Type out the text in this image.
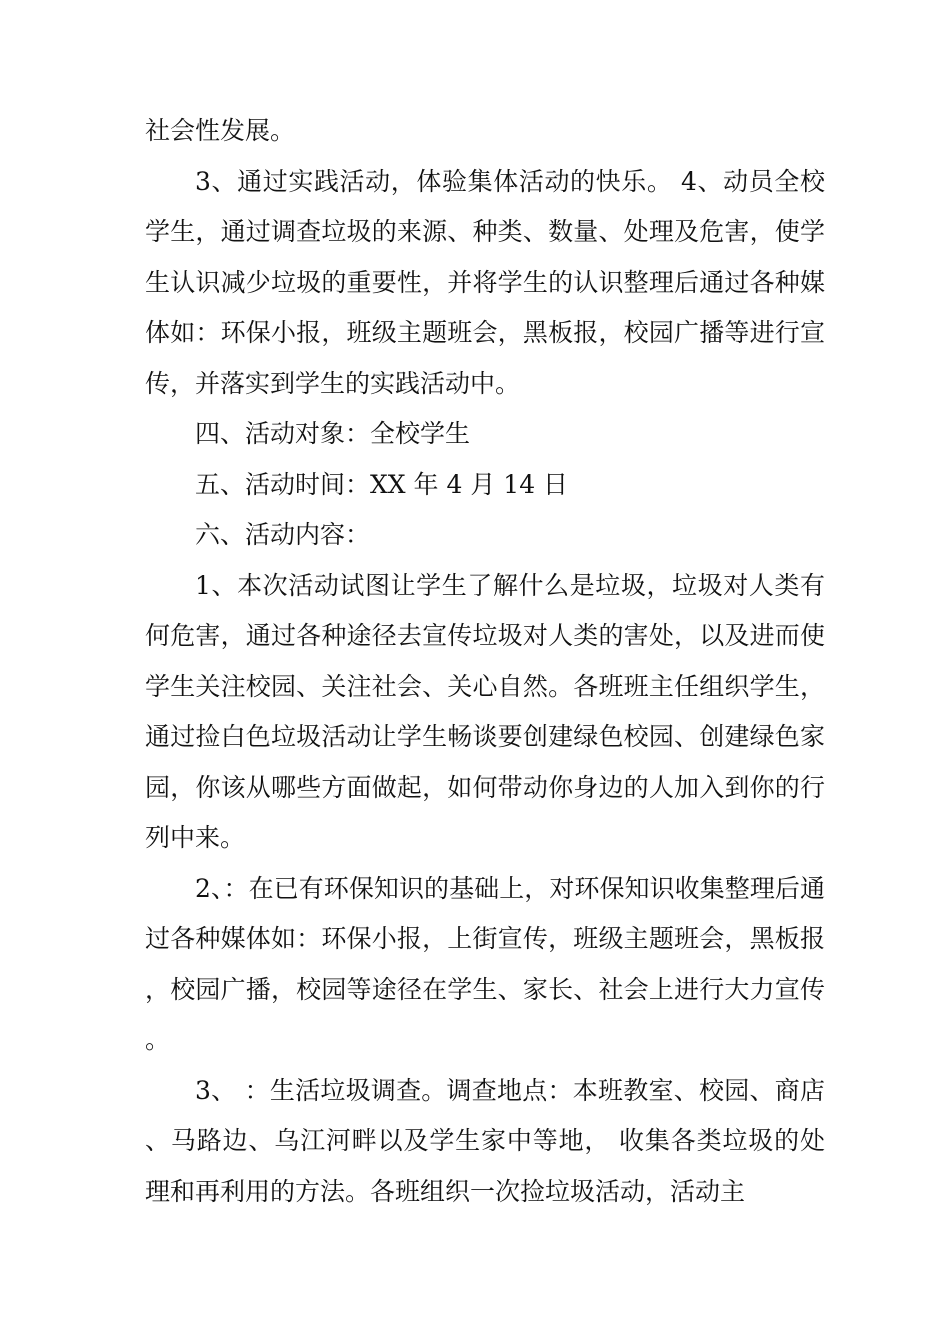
社会性发展。

3、通过实践活动，体验集体活动的快乐。 4、动员全校学生，通过调查垃圾的来源、种类、数量、处理及危害，使学生认识减少垃圾的重要性，并将学生的认识整理后通过各种媒体如：环保小报，班级主题班会，黑板报，校园广播等进行宣传，并落实到学生的实践活动中。

四、活动对象：全校学生

五、活动时间：XX 年 4 月 14 日

六、活动内容：

1、本次活动试图让学生了解什么是垃圾，垃圾对人类有何危害，通过各种途径去宣传垃圾对人类的害处，以及进而使学生关注校园、关注社会、关心自然。各班班主任组织学生，通过捡白色垃圾活动让学生畅谈要创建绿色校园、创建绿色家园，你该从哪些方面做起，如何带动你身边的人加入到你的行列中来。

2、：在已有环保知识的基础上，对环保知识收集整理后通过各种媒体如：环保小报，上街宣传，班级主题班会，黑板报，校园广播，校园等途径在学生、家长、社会上进行大力宣传。

3、 ：生活垃圾调查。调查地点：本班教室、校园、商店、马路边、乌江河畔以及学生家中等地， 收集各类垃圾的处理和再利用的方法。各班组织一次捡垃圾活动，活动主
